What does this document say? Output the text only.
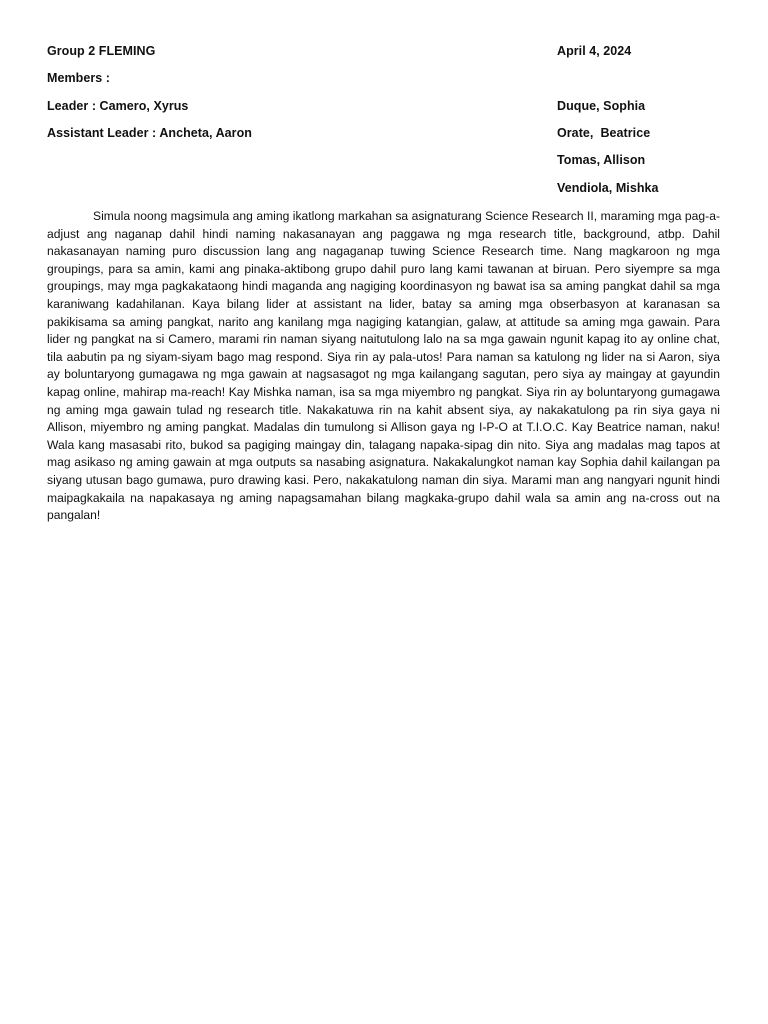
Group 2 FLEMING	April 4, 2024
Members :
Leader : Camero, Xyrus	Duque, Sophia
Assistant Leader : Ancheta, Aaron	Orate,  Beatrice
Tomas, Allison
Vendiola, Mishka

Simula noong magsimula ang aming ikatlong markahan sa asignaturang Science Research II, maraming mga pag-a-adjust ang naganap dahil hindi naming nakasanayan ang paggawa ng mga research title, background, atbp. Dahil nakasanayan naming puro discussion lang ang nagaganap tuwing Science Research time. Nang magkaroon ng mga groupings, para sa amin, kami ang pinaka-aktibong grupo dahil puro lang kami tawanan at biruan. Pero siyempre sa mga groupings, may mga pagkakataong hindi maganda ang nagiging koordinasyon ng bawat isa sa aming pangkat dahil sa mga karaniwang kadahilanan. Kaya bilang lider at assistant na lider, batay sa aming mga obserbasyon at karanasan sa pakikisama sa aming pangkat, narito ang kanilang mga nagiging katangian, galaw, at attitude sa aming mga gawain. Para lider ng pangkat na si Camero, marami rin naman siyang naitutulong lalo na sa mga gawain ngunit kapag ito ay online chat, tila aabutin pa ng siyam-siyam bago mag respond. Siya rin ay pala-utos! Para naman sa katulong ng lider na si Aaron, siya ay boluntaryong gumagawa ng mga gawain at nagsasagot ng mga kailangang sagutan, pero siya ay maingay at gayundin kapag online, mahirap ma-reach! Kay Mishka naman, isa sa mga miyembro ng pangkat. Siya rin ay boluntaryong gumagawa ng aming mga gawain tulad ng research title. Nakakatuwa rin na kahit absent siya, ay nakakatulong pa rin siya gaya ni Allison, miyembro ng aming pangkat. Madalas din tumulong si Allison gaya ng I-P-O at T.I.O.C. Kay Beatrice naman, naku! Wala kang masasabi rito, bukod sa pagiging maingay din, talagang napaka-sipag din nito. Siya ang madalas mag tapos at mag asikaso ng aming gawain at mga outputs sa nasabing asignatura. Nakakalungkot naman kay Sophia dahil kailangan pa siyang utusan bago gumawa, puro drawing kasi. Pero, nakakatulong naman din siya. Marami man ang nangyari ngunit hindi maipagkakaila na napakasaya ng aming napagsamahan bilang magkaka-grupo dahil wala sa amin ang na-cross out na pangalan!
